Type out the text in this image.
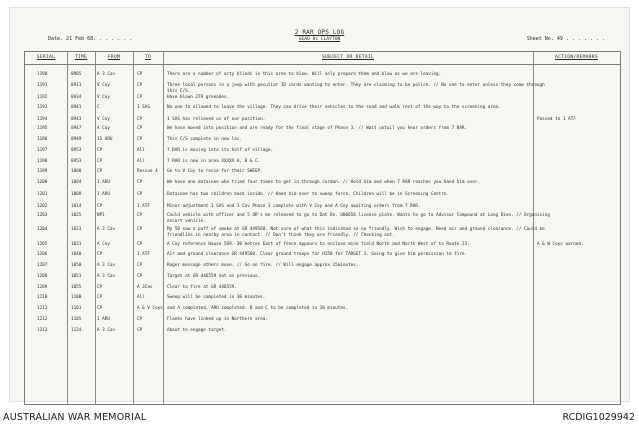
2 RAR OPS LOG
SEAO 8c CLAYTON
Date. 21 Feb 68. . . . . . .	Sheet No. 49 . . . . . . .
SERIAL	TIME	FROM	TO	SUBJECT OR DETAIL	ACTION/REMARKS
1190	0905	A 3 Cav	CP	There are a number of arty blinds in this area to blow. Will only prepare them and blow as we are leaving.
1191	0911	V Coy	CP	Three local persons in a jeep with peculiar ID cards wanting to enter. They are claiming to be police. // No one to enter unless they come through this C/S.
1192	0934	V Coy	CP	Have blown 279 grenades.
1193	0941	C	1 SAS	No one to allowed to leave the village. They can drive their vehicles to the road and walk rest of the way to the screening area.
1194	0943	V Coy	CP	1 SAS has relieved us of our position.	Passed to 1 ATF
1195	0947	A Coy	CP	We have moved into position and are ready for the final stage of Phase 3. // Wait untuil you hear orders from 7 RAR.
1196	0949	11 ARU	CP	This C/S complete in new loc.
1197	0953	CP	All	7 RAR is moving into its half of village.
1198	0953	CP	All	7 RAR is now in area XXXXX A, B & C.
1199	1000	CP	Rescue 4	Go to V Coy to recce for their SWEEP.
1200	1004	1 ARU	CP	We have one detainee who tried four times to get in through cordon. // Hold him and when 7 RAR reaches you hand him over.
1201	1009	1 ARU	CP	Detainee has two children back inside. // Hand him over to sweep force. Children will be in Screening Centre.
1202	1014	CP	1 ATF	Minor adjustment 1 SAS and 3 Cav Phase 3 complete with V Coy and A Coy awaiting orders from 7 RAR.
1203	1025	NP1	CP	Could vehicle with officer and 5 OR's be released to go to Dat Do. U00656 licence plate. Wants to go to Advisor Compound at Long Dien. // Organising escort vehicle.
1204	1023	A 3 Cav	CP	My 5B saw a puff of smoke at GR 449560. Not sure of what this indicated so no friendly. Wish to engage. Need air and ground clearance. // Could be friendlies in nearby area in contact. // Don't think they are friendly. // Checking out.
1205	1031	A Coy	CP	A Coy reference House 569. 30 metres East of fence appears to enclose mine field North and North West of to Route 23.	A & W Coys warned.
1206	1040	CP	1 ATF	Air and ground clearance GR 449560. Clear ground troops for H158 for TARGET 3. Going to give him permission to fire.
1207	1050	A 3 Cav	CP	Roger message others move. // Go on fire. // Will engage approx 15minutes.
1208	1051	A 3 Cav	CP	Target at GR 446559 not as previous.
1209	1055	CP	A 3Cav	Clear to fire at GR 446559.
1210	1100	CP	All	Sweep will be completed in 30 minutes.
1211	1101	CP	A & V Coys and A completed, ARU completed. B and C to be completed in 30 minutes.
1212	1105	1 ARU	CP	Flanks have linked up in Northern area.
1213	1124	A 3 Cav	CP	About to engage target.
AUSTRALIAN WAR MEMORIAL	RCDIG1029942
